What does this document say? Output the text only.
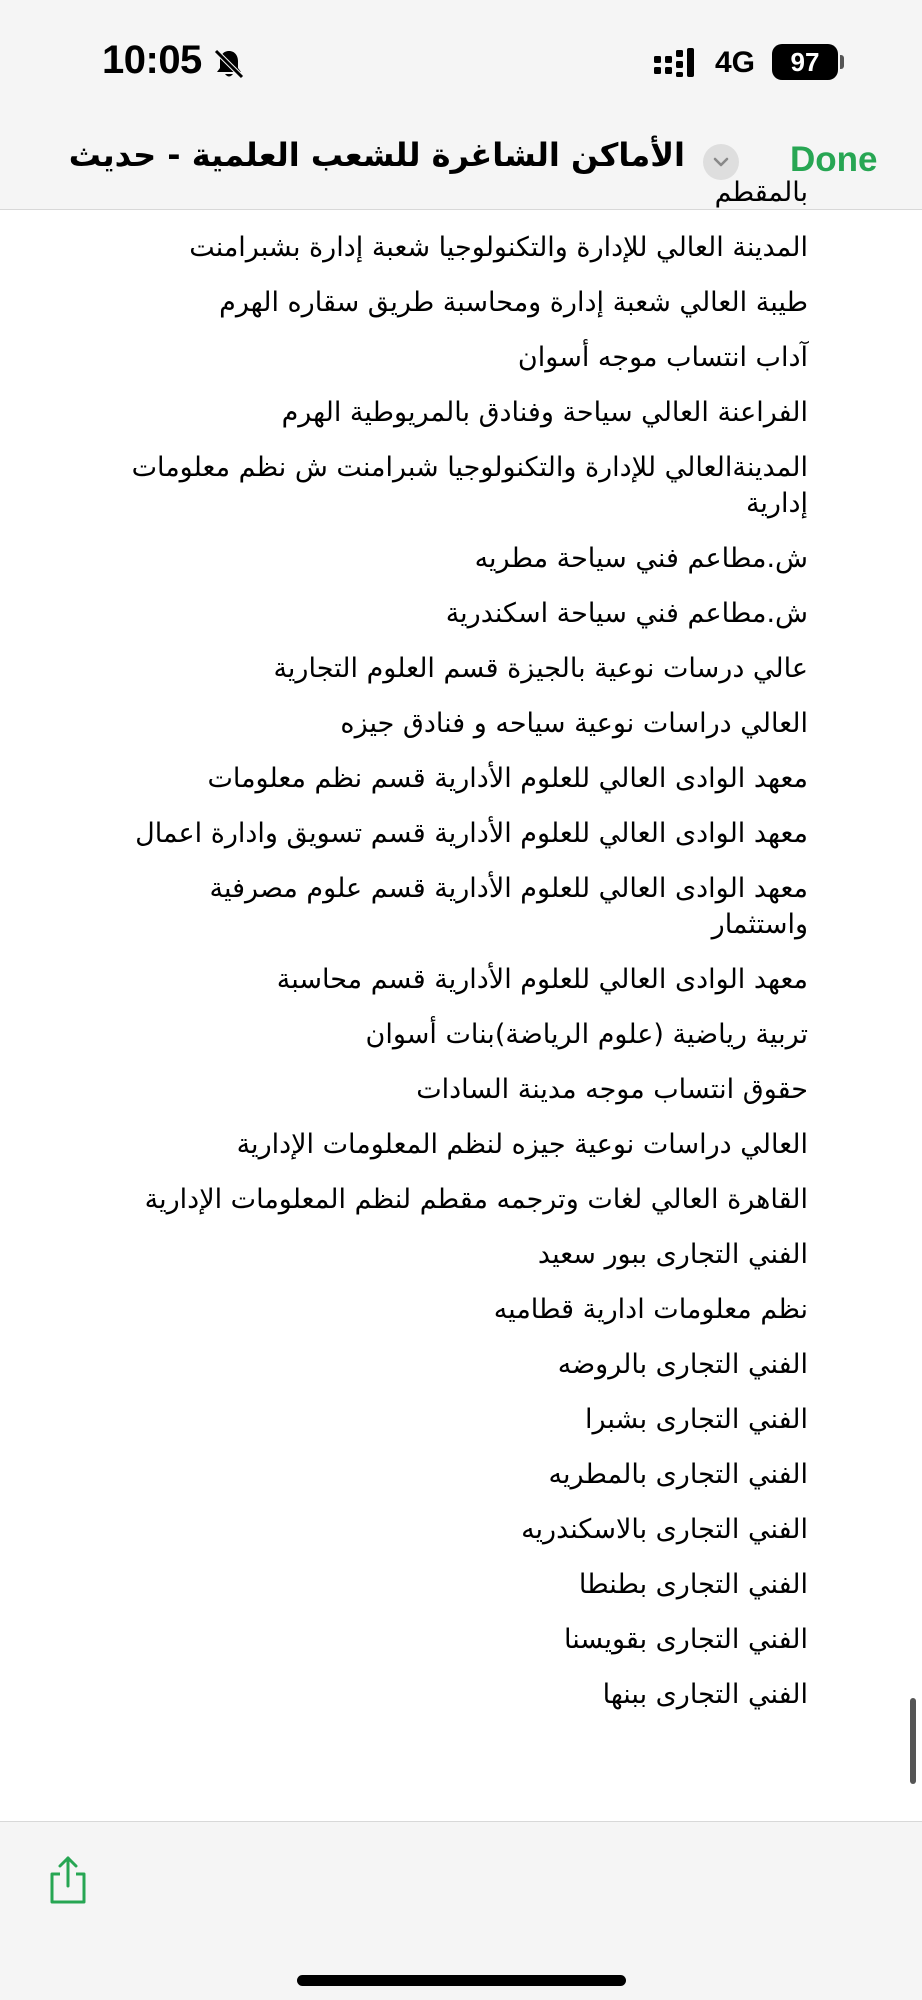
10:05	4G	97
الأماكن الشاغرة للشعب العلمية - حديث	Done
بالمقطم
المدينة العالي للإدارة والتكنولوجيا شعبة إدارة بشبرامنت
طيبة العالي شعبة إدارة ومحاسبة طريق سقاره الهرم
آداب انتساب موجه أسوان
الفراعنة العالي سياحة وفنادق بالمريوطية الهرم
المدينةالعالي للإدارة والتكنولوجيا شبرامنت ش نظم معلومات إدارية
ش.مطاعم فني سياحة مطريه
ش.مطاعم فني سياحة اسكندرية
عالي درسات نوعية بالجيزة قسم العلوم التجارية
العالي دراسات نوعية سياحه و فنادق جيزه
معهد الوادى العالي للعلوم الأدارية قسم نظم معلومات
معهد الوادى العالي للعلوم الأدارية قسم تسويق وادارة اعمال
معهد الوادى العالي للعلوم الأدارية قسم علوم مصرفية واستثمار
معهد الوادى العالي للعلوم الأدارية قسم محاسبة
تربية رياضية (علوم الرياضة)بنات أسوان
حقوق انتساب موجه مدينة السادات
العالي دراسات نوعية جيزه لنظم المعلومات الإدارية
القاهرة العالي لغات وترجمه مقطم لنظم المعلومات الإدارية
الفني التجارى ببور سعيد
نظم معلومات ادارية قطاميه
الفني التجارى بالروضه
الفني التجارى بشبرا
الفني التجارى بالمطريه
الفني التجارى بالاسكندريه
الفني التجارى بطنطا
الفني التجارى بقويسنا
الفني التجارى ببنها
